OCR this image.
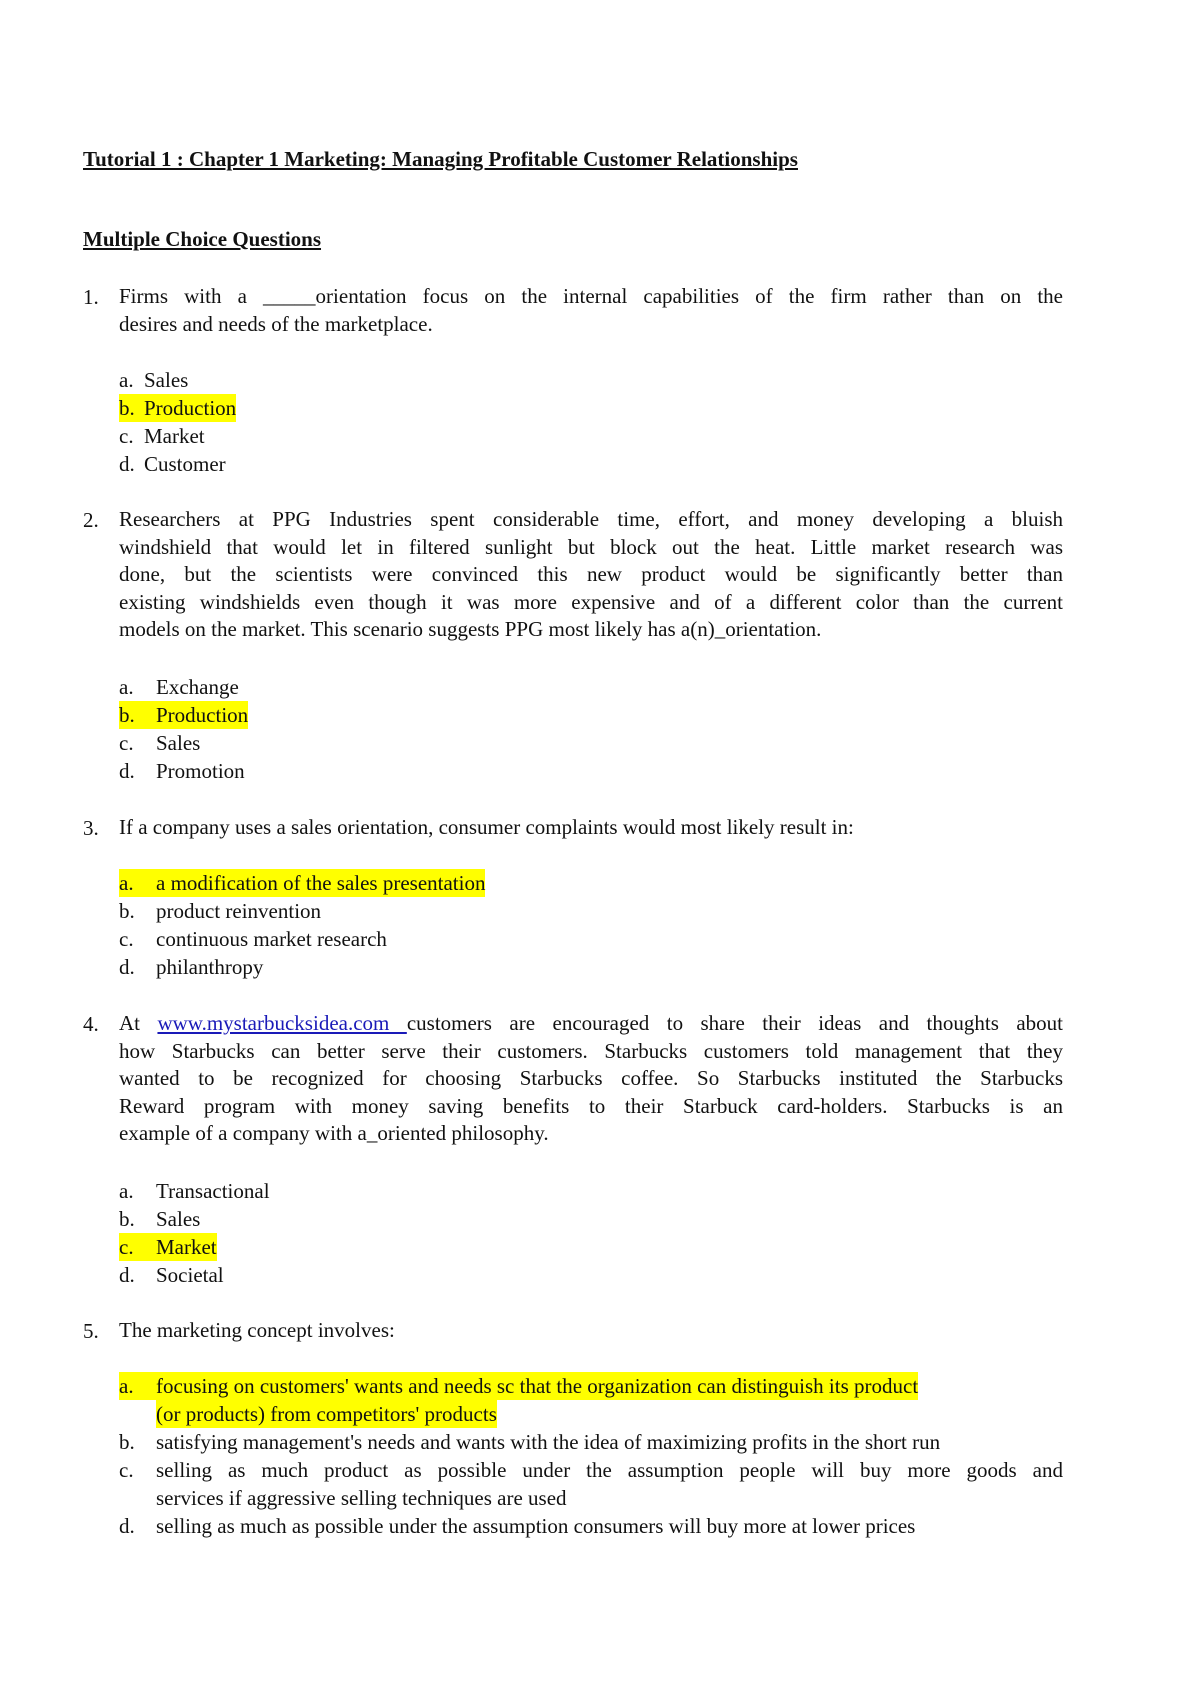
Tutorial 1 : Chapter 1 Marketing: Managing Profitable Customer Relationships
Multiple Choice Questions
1. Firms with a _____orientation focus on the internal capabilities of the firm rather than on the
desires and needs of the marketplace.
a. Sales
b. Production
c. Market
d. Customer
2. Researchers at PPG Industries spent considerable time, effort, and money developing a bluish
windshield that would let in filtered sunlight but block out the heat. Little market research was
done, but the scientists were convinced this new product would be significantly better than
existing windshields even though it was more expensive and of a different color than the current
models on the market. This scenario suggests PPG most likely has a(n)_orientation.
a. Exchange
b. Production
c. Sales
d. Promotion
3. If a company uses a sales orientation, consumer complaints would most likely result in:
a. a modification of the sales presentation
b. product reinvention
c. continuous market research
d. philanthropy
4. At www.mystarbucksidea.com customers are encouraged to share their ideas and thoughts about
how Starbucks can better serve their customers. Starbucks customers told management that they
wanted to be recognized for choosing Starbucks coffee. So Starbucks instituted the Starbucks
Reward program with money saving benefits to their Starbuck card-holders. Starbucks is an
example of a company with a_oriented philosophy.
a. Transactional
b. Sales
c. Market
d. Societal
5. The marketing concept involves:
a. focusing on customers' wants and needs sc that the organization can distinguish its product
(or products) from competitors' products
b. satisfying management's needs and wants with the idea of maximizing profits in the short run
c. selling as much product as possible under the assumption people will buy more goods and
services if aggressive selling techniques are used
d. selling as much as possible under the assumption consumers will buy more at lower prices
